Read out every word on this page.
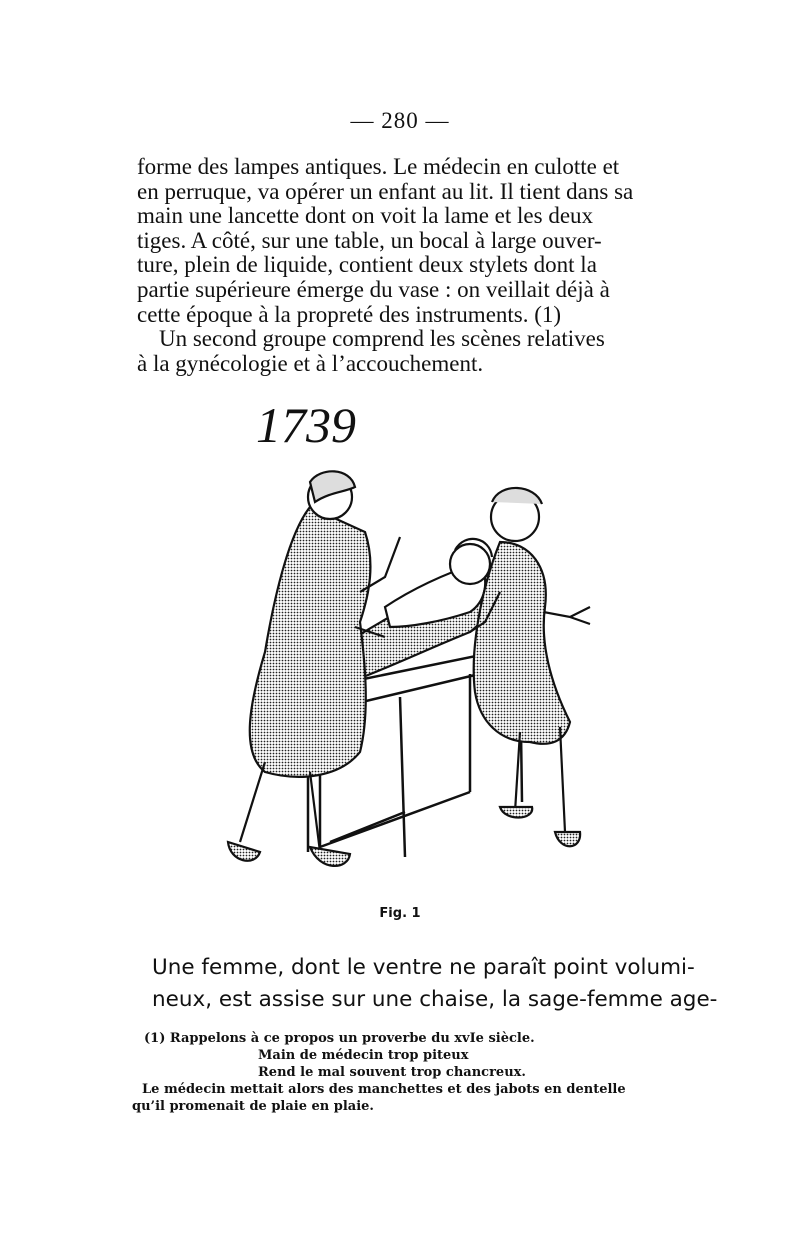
— 280 —
forme des lampes antiques. Le médecin en culotte et
en perruque, va opérer un enfant au lit. Il tient dans sa
main une lancette dont on voit la lame et les deux
tiges. A côté, sur une table, un bocal à large ouver-
ture, plein de liquide, contient deux stylets dont la
partie supérieure émerge du vase : on veillait déjà à
cette époque à la propreté des instruments. (1)
Un second groupe comprend les scènes relatives
à la gynécologie et à l’accouchement.
1739
Fig. 1
Une femme, dont le ventre ne paraît point volumi-
neux, est assise sur une chaise, la sage-femme age-
(1) Rappelons à ce propos un proverbe du xvIe siècle.
Main de médecin trop piteux
Rend le mal souvent trop chancreux.
Le médecin mettait alors des manchettes et des jabots en dentelle
qu’il promenait de plaie en plaie.
